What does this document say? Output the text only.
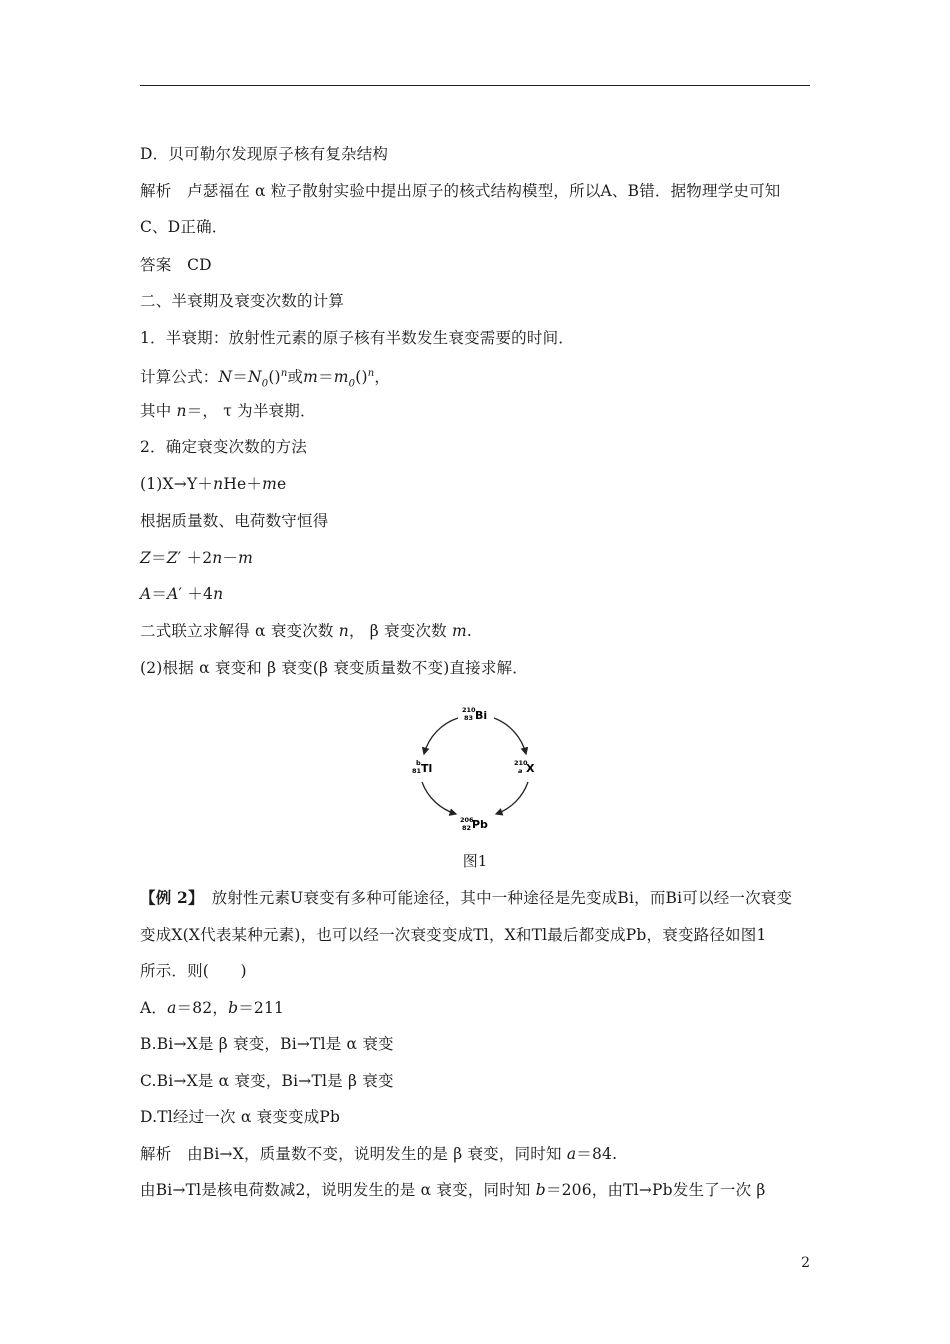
D．贝可勒尔发现原子核有复杂结构
解析　卢瑟福在 α 粒子散射实验中提出原子的核式结构模型，所以A、B错．据物理学史可知
C、D正确．
答案　CD
二、半衰期及衰变次数的计算
1．半衰期：放射性元素的原子核有半数发生衰变需要的时间．
计算公式：$N=N_0()^n$或$m=m_0()^n$，
其中 n＝， τ 为半衰期．
2．确定衰变次数的方法
(1)X→Y＋nHe＋me
根据质量数、电荷数守恒得
Z＝Z′ ＋2n－m
A＝A′ ＋4n
二式联立求解得 α 衰变次数 n， β 衰变次数 m.
(2)根据 α 衰变和 β 衰变(β 衰变质量数不变)直接求解．
210
83 Bi
b
81 Tl	210
a X
206
82 Pb
图1
【例 2】　放射性元素U衰变有多种可能途径，其中一种途径是先变成Bi，而Bi可以经一次衰变
变成X(X代表某种元素)，也可以经一次衰变变成Tl，X和Tl最后都变成Pb，衰变路径如图1
所示．则(　　)
A．a＝82，b＝211
B.Bi→X是 β 衰变，Bi→Tl是 α 衰变
C.Bi→X是 α 衰变，Bi→Tl是 β 衰变
D.Tl经过一次 α 衰变变成Pb
解析　由Bi→X，质量数不变，说明发生的是 β 衰变，同时知 a＝84.
由Bi→Tl是核电荷数减2，说明发生的是 α 衰变，同时知 b＝206，由Tl→Pb发生了一次 β
2
